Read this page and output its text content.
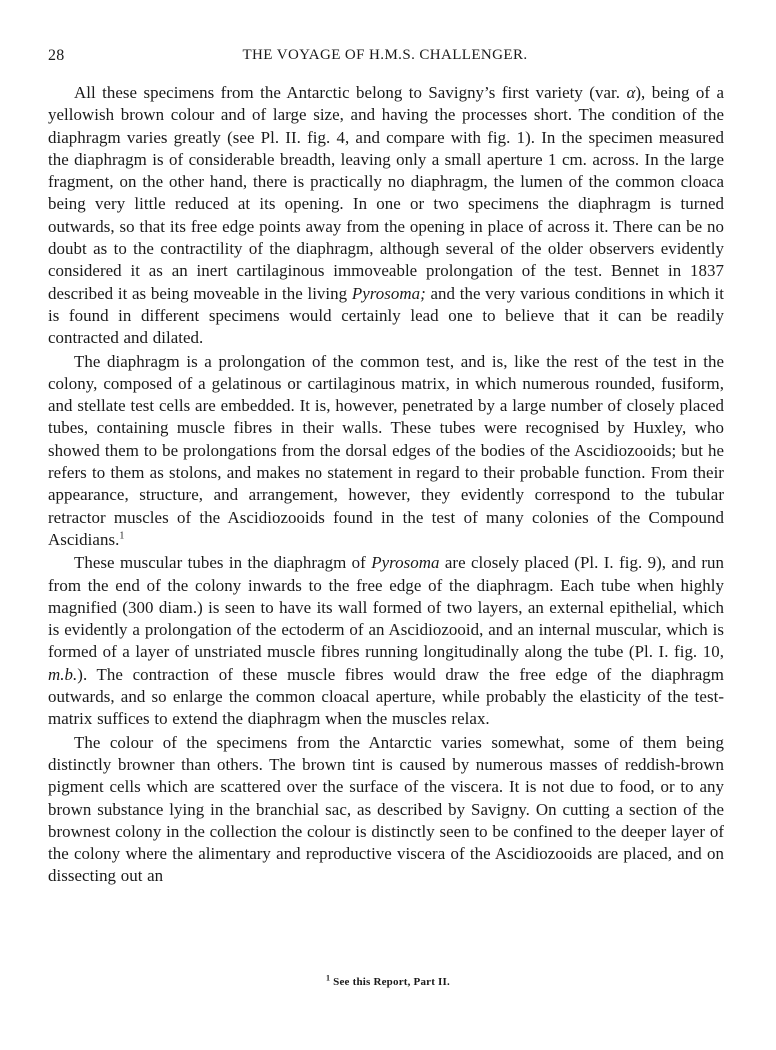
28	THE VOYAGE OF H.M.S. CHALLENGER.

All these specimens from the Antarctic belong to Savigny’s first variety (var. α), being of a yellowish brown colour and of large size, and having the processes short. The condition of the diaphragm varies greatly (see Pl. II. fig. 4, and compare with fig. 1). In the specimen measured the diaphragm is of considerable breadth, leaving only a small aperture 1 cm. across. In the large fragment, on the other hand, there is practically no diaphragm, the lumen of the common cloaca being very little reduced at its opening. In one or two specimens the diaphragm is turned outwards, so that its free edge points away from the opening in place of across it. There can be no doubt as to the contractility of the diaphragm, although several of the older observers evidently considered it as an inert cartilaginous immoveable prolongation of the test. Bennet in 1837 described it as being moveable in the living Pyrosoma; and the very various conditions in which it is found in different specimens would certainly lead one to believe that it can be readily contracted and dilated.

The diaphragm is a prolongation of the common test, and is, like the rest of the test in the colony, composed of a gelatinous or cartilaginous matrix, in which numerous rounded, fusiform, and stellate test cells are embedded. It is, however, penetrated by a large number of closely placed tubes, containing muscle fibres in their walls. These tubes were recognised by Huxley, who showed them to be prolongations from the dorsal edges of the bodies of the Ascidiozooids; but he refers to them as stolons, and makes no statement in regard to their probable function. From their appearance, structure, and arrangement, however, they evidently correspond to the tubular retractor muscles of the Ascidiozooids found in the test of many colonies of the Compound Ascidians.$^1$

These muscular tubes in the diaphragm of Pyrosoma are closely placed (Pl. I. fig. 9), and run from the end of the colony inwards to the free edge of the diaphragm. Each tube when highly magnified (300 diam.) is seen to have its wall formed of two layers, an external epithelial, which is evidently a prolongation of the ectoderm of an Ascidiozooid, and an internal muscular, which is formed of a layer of unstriated muscle fibres running longitudinally along the tube (Pl. I. fig. 10, m.b.). The contraction of these muscle fibres would draw the free edge of the diaphragm outwards, and so enlarge the common cloacal aperture, while probably the elasticity of the test-matrix suffices to extend the diaphragm when the muscles relax.

The colour of the specimens from the Antarctic varies somewhat, some of them being distinctly browner than others. The brown tint is caused by numerous masses of reddish-brown pigment cells which are scattered over the surface of the viscera. It is not due to food, or to any brown substance lying in the branchial sac, as described by Savigny. On cutting a section of the brownest colony in the collection the colour is distinctly seen to be confined to the deeper layer of the colony where the alimentary and reproductive viscera of the Ascidiozooids are placed, and on dissecting out an

$^1$ See this Report, Part II.
